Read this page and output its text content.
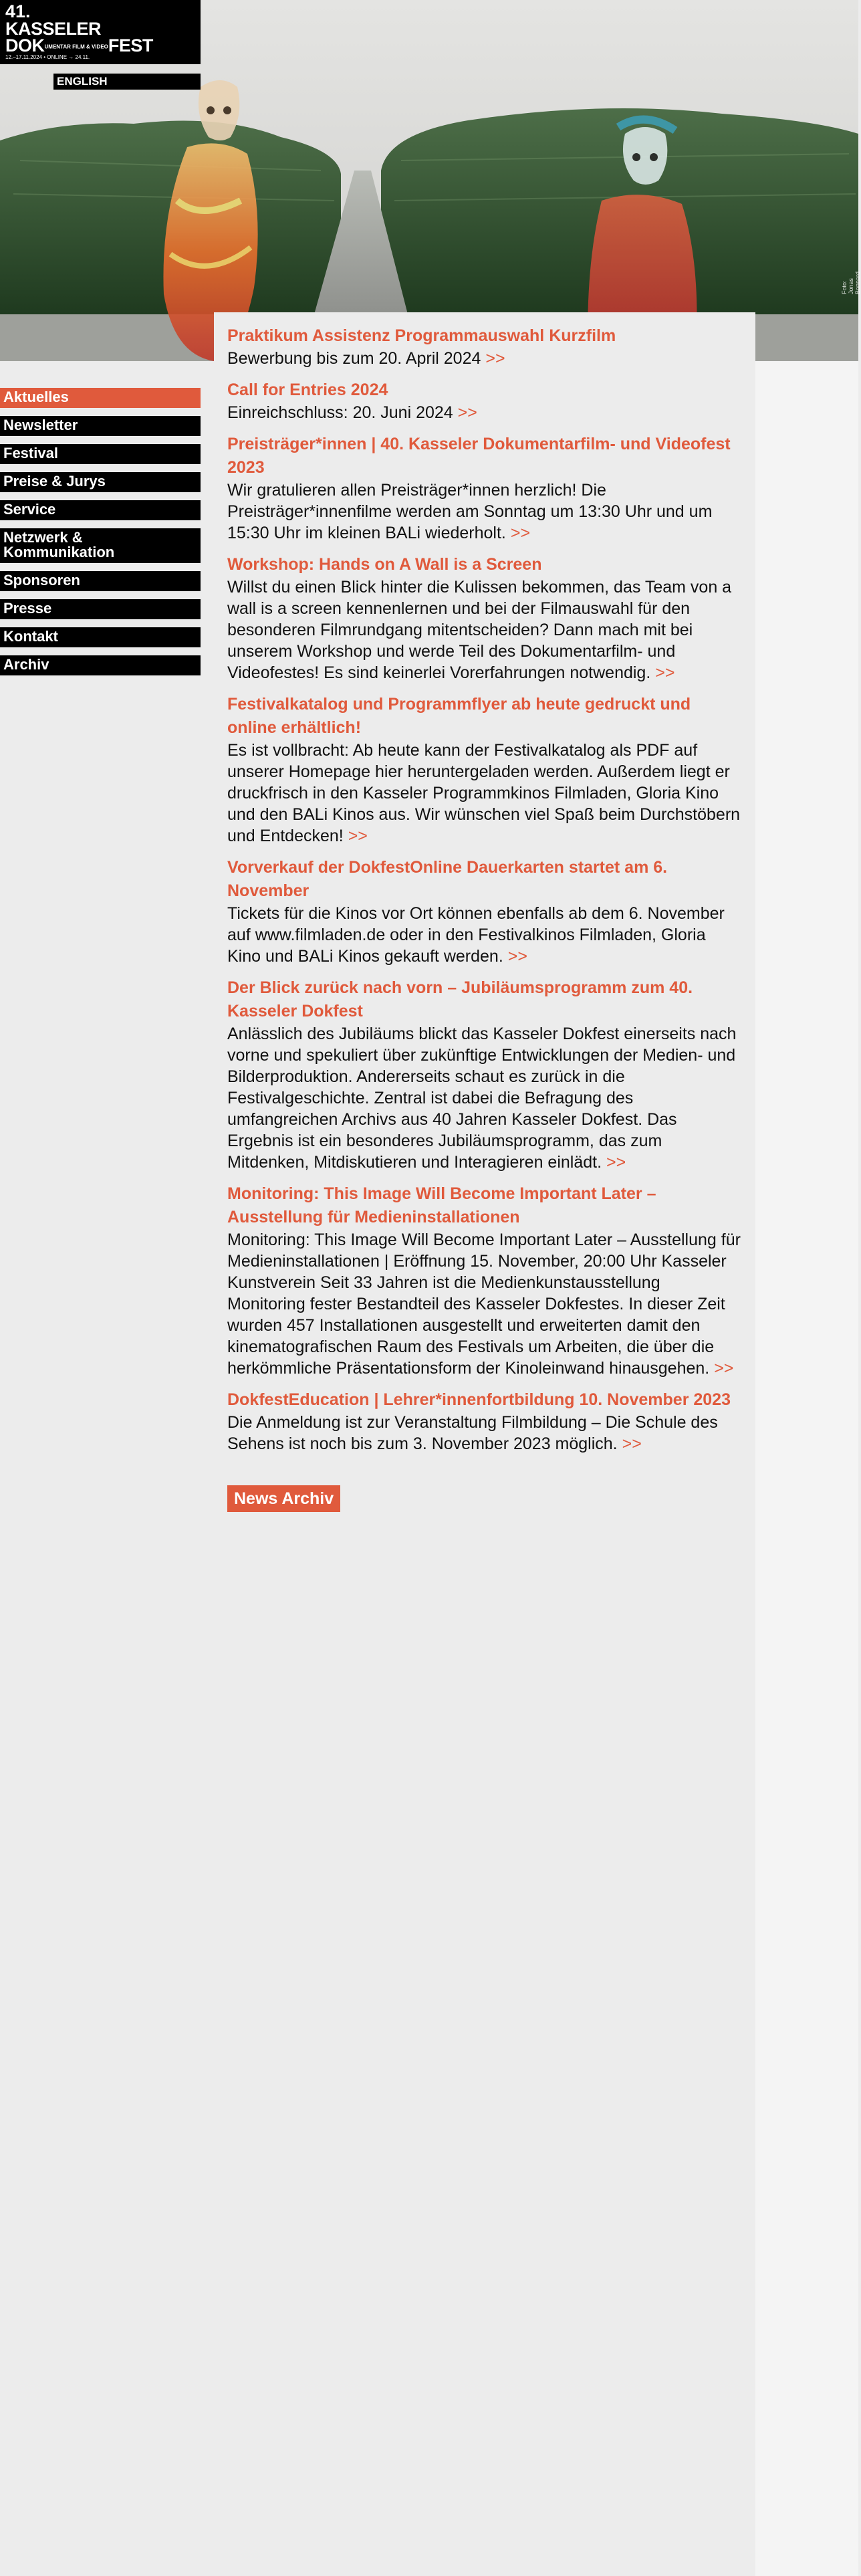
Foto: Jonas Bonnard
41.
KASSELER
DOKUMENTAR FILM & VIDEOFEST
12.–17.11.2024 • ONLINE → 24.11.
ENGLISH
Aktuelles
Newsletter
Festival
Preise & Jurys
Service
Netzwerk & Kommunikation
Sponsoren
Presse
Kontakt
Archiv
Praktikum Assistenz Programmauswahl Kurzfilm

Bewerbung bis zum 20. April 2024 >>

Call for Entries 2024

Einreichschluss: 20. Juni 2024 >>

Preisträger*innen | 40. Kasseler Dokumentarfilm- und Videofest 2023

Wir gratulieren allen Preisträger*innen herzlich! Die Preisträger*innenfilme werden am Sonntag um 13:30 Uhr und um 15:30 Uhr im kleinen BALi wiederholt. >>

Workshop: Hands on A Wall is a Screen

Willst du einen Blick hinter die Kulissen bekommen, das Team von a wall is a screen kennenlernen und bei der Filmauswahl für den besonderen Filmrundgang mitentscheiden? Dann mach mit bei unserem Workshop und werde Teil des Dokumentarfilm- und Videofestes! Es sind keinerlei Vorerfahrungen notwendig. >>

Festivalkatalog und Programmflyer ab heute gedruckt und online erhältlich!

Es ist vollbracht: Ab heute kann der Festivalkatalog als PDF auf unserer Homepage hier heruntergeladen werden. Außerdem liegt er druckfrisch in den Kasseler Programmkinos Filmladen, Gloria Kino und den BALi Kinos aus. Wir wünschen viel Spaß beim Durchstöbern und Entdecken! >>

Vorverkauf der DokfestOnline Dauerkarten startet am 6. November

Tickets für die Kinos vor Ort können ebenfalls ab dem 6. November auf www.filmladen.de oder in den Festivalkinos Filmladen, Gloria Kino und BALi Kinos gekauft werden. >>

Der Blick zurück nach vorn – Jubiläumsprogramm zum 40. Kasseler Dokfest

Anlässlich des Jubiläums blickt das Kasseler Dokfest einerseits nach vorne und spekuliert über zukünftige Entwicklungen der Medien- und Bilderproduktion. Andererseits schaut es zurück in die Festivalgeschichte. Zentral ist dabei die Befragung des umfangreichen Archivs aus 40 Jahren Kasseler Dokfest. Das Ergebnis ist ein besonderes Jubiläumsprogramm, das zum Mitdenken, Mitdiskutieren und Interagieren einlädt. >>

Monitoring: This Image Will Become Important Later – Ausstellung für Medieninstallationen

Monitoring: This Image Will Become Important Later – Ausstellung für Medieninstallationen | Eröffnung 15. November, 20:00 Uhr Kasseler Kunstverein Seit 33 Jahren ist die Medienkunstausstellung Monitoring fester Bestandteil des Kasseler Dokfestes. In dieser Zeit wurden 457 Installationen ausgestellt und erweiterten damit den kinematografischen Raum des Festivals um Arbeiten, die über die herkömmliche Präsentationsform der Kinoleinwand hinausgehen. >>

DokfestEducation | Lehrer*innenfortbildung 10. November 2023

Die Anmeldung ist zur Veranstaltung Filmbildung – Die Schule des Sehens ist noch bis zum 3. November 2023 möglich. >>

News Archiv
